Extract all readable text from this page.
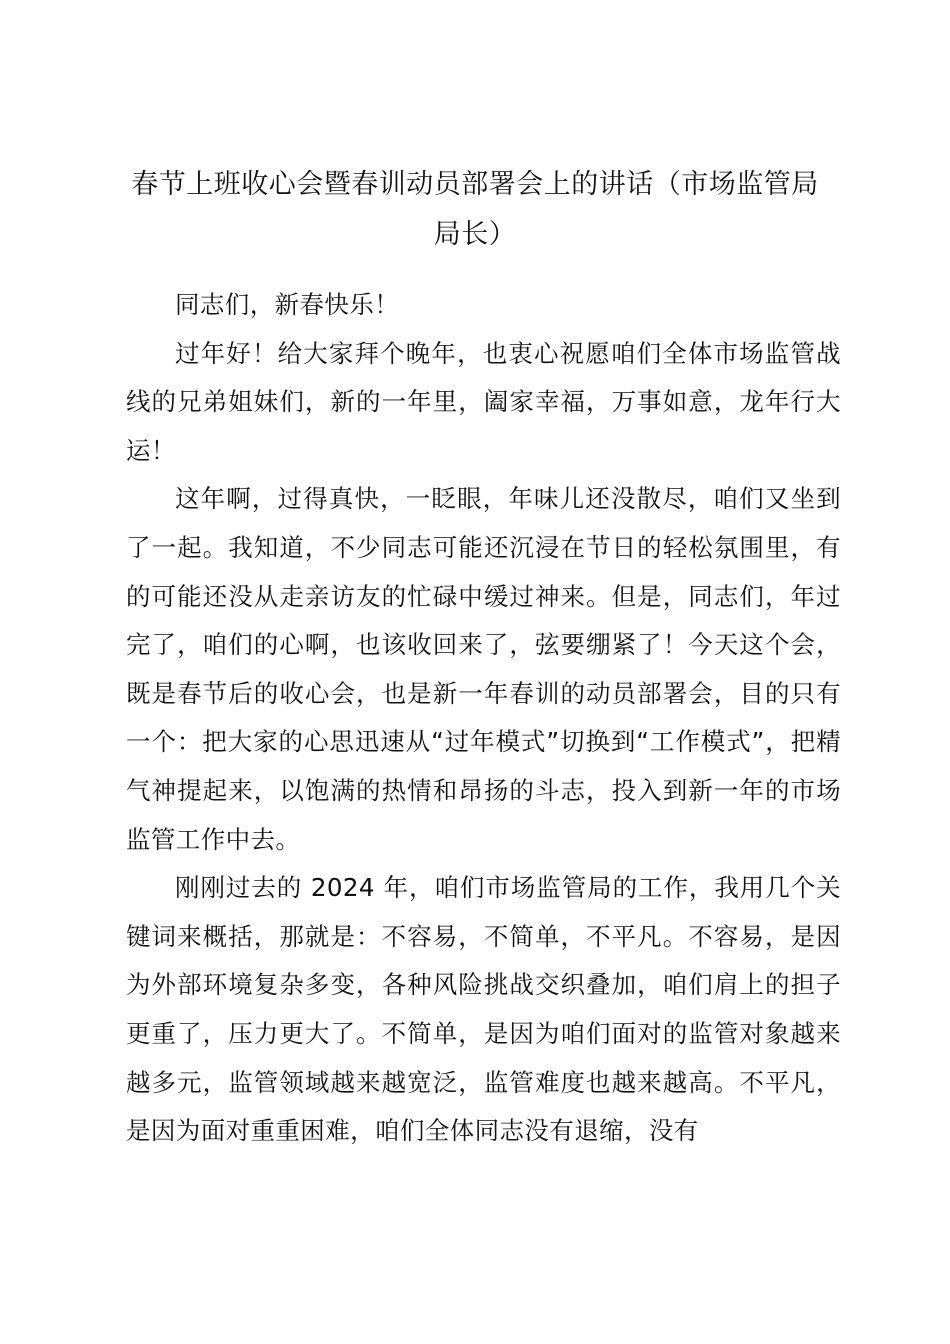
春节上班收心会暨春训动员部署会上的讲话（市场监管局局长）

同志们，新春快乐！

过年好！给大家拜个晚年，也衷心祝愿咱们全体市场监管战线的兄弟姐妹们，新的一年里，阖家幸福，万事如意，龙年行大运！

这年啊，过得真快，一眨眼，年味儿还没散尽，咱们又坐到了一起。我知道，不少同志可能还沉浸在节日的轻松氛围里，有的可能还没从走亲访友的忙碌中缓过神来。但是，同志们，年过完了，咱们的心啊，也该收回来了，弦要绷紧了！今天这个会，既是春节后的收心会，也是新一年春训的动员部署会，目的只有一个：把大家的心思迅速从“过年模式”切换到“工作模式”，把精气神提起来，以饱满的热情和昂扬的斗志，投入到新一年的市场监管工作中去。

刚刚过去的 2024 年，咱们市场监管局的工作，我用几个关键词来概括，那就是：不容易，不简单，不平凡。不容易，是因为外部环境复杂多变，各种风险挑战交织叠加，咱们肩上的担子更重了，压力更大了。不简单，是因为咱们面对的监管对象越来越多元，监管领域越来越宽泛，监管难度也越来越高。不平凡，是因为面对重重困难，咱们全体同志没有退缩，没有
